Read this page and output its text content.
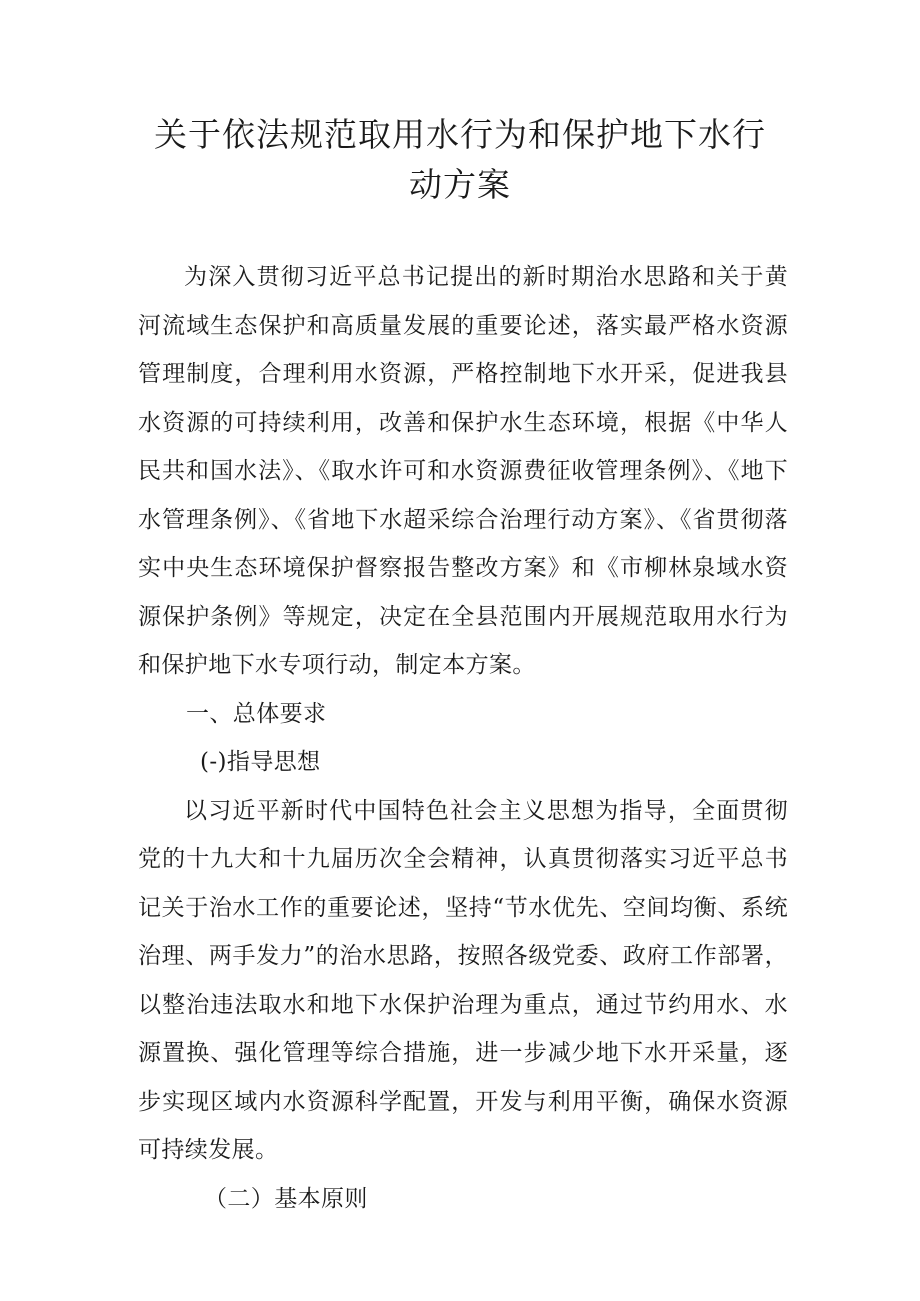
关于依法规范取用水行为和保护地下水行
动方案

为深入贯彻习近平总书记提出的新时期治水思路和关于黄河流域生态保护和高质量发展的重要论述，落实最严格水资源管理制度，合理利用水资源，严格控制地下水开采，促进我县水资源的可持续利用，改善和保护水生态环境，根据《中华人民共和国水法》、《取水许可和水资源费征收管理条例》、《地下水管理条例》、《省地下水超采综合治理行动方案》、《省贯彻落实中央生态环境保护督察报告整改方案》和《市柳林泉域水资源保护条例》等规定，决定在全县范围内开展规范取用水行为和保护地下水专项行动，制定本方案。

一、总体要求

(-)指导思想

以习近平新时代中国特色社会主义思想为指导，全面贯彻党的十九大和十九届历次全会精神，认真贯彻落实习近平总书记关于治水工作的重要论述，坚持“节水优先、空间均衡、系统治理、两手发力”的治水思路，按照各级党委、政府工作部署，以整治违法取水和地下水保护治理为重点，通过节约用水、水源置换、强化管理等综合措施，进一步减少地下水开采量，逐步实现区域内水资源科学配置，开发与利用平衡，确保水资源可持续发展。

（二）基本原则
